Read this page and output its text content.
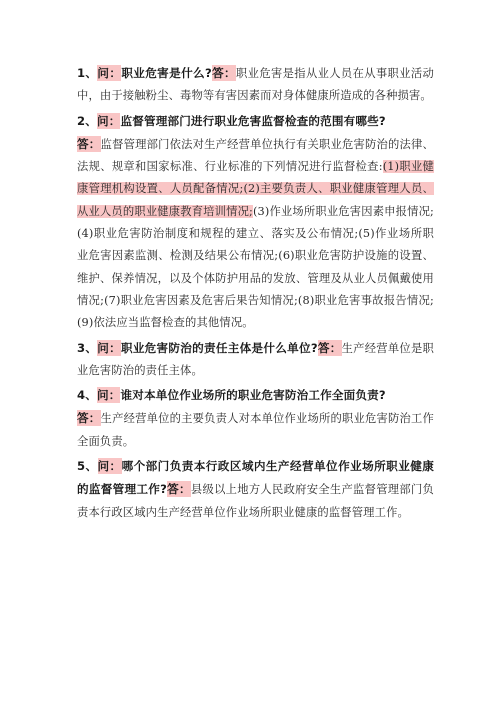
1、问：职业危害是什么?答：职业危害是指从业人员在从事职业活动中，由于接触粉尘、毒物等有害因素而对身体健康所造成的各种损害。

2、问：监督管理部门进行职业危害监督检查的范围有哪些?
答：监督管理部门依法对生产经营单位执行有关职业危害防治的法律、法规、规章和国家标准、行业标准的下列情况进行监督检查:(1)职业健康管理机构设置、人员配备情况;(2)主要负责人、职业健康管理人员、从业人员的职业健康教育培训情况;(3)作业场所职业危害因素申报情况;(4)职业危害防治制度和规程的建立、落实及公布情况;(5)作业场所职业危害因素监测、检测及结果公布情况;(6)职业危害防护设施的设置、维护、保养情况，以及个体防护用品的发放、管理及从业人员佩戴使用情况;(7)职业危害因素及危害后果告知情况;(8)职业危害事故报告情况;(9)依法应当监督检查的其他情况。

3、问：职业危害防治的责任主体是什么单位?答：生产经营单位是职业危害防治的责任主体。

4、问：谁对本单位作业场所的职业危害防治工作全面负责?
答：生产经营单位的主要负责人对本单位作业场所的职业危害防治工作全面负责。

5、问：哪个部门负责本行政区域内生产经营单位作业场所职业健康的监督管理工作?答：县级以上地方人民政府安全生产监督管理部门负责本行政区域内生产经营单位作业场所职业健康的监督管理工作。
